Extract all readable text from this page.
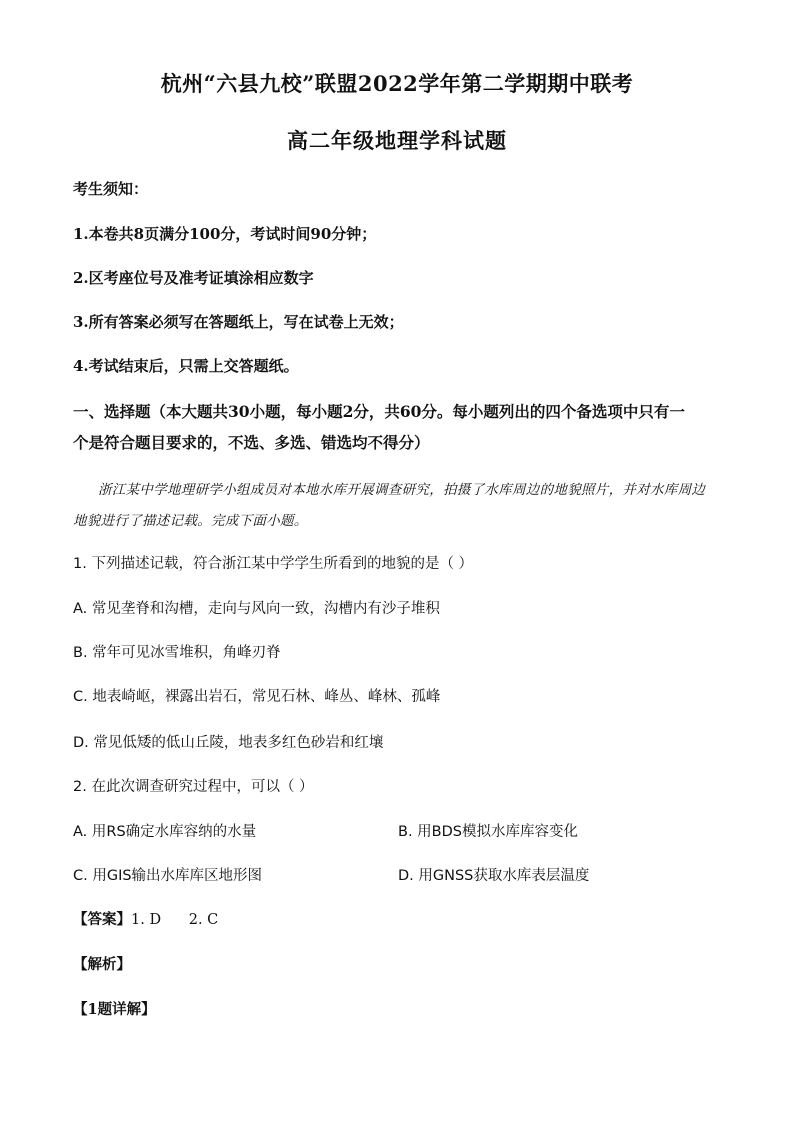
杭州“六县九校”联盟2022学年第二学期期中联考
高二年级地理学科试题
考生须知：
1.本卷共8页满分100分，考试时间90分钟；
2.区考座位号及准考证填涂相应数字
3.所有答案必须写在答题纸上，写在试卷上无效；
4.考试结束后，只需上交答题纸。
一、选择题（本大题共30小题，每小题2分，共60分。每小题列出的四个备选项中只有一
个是符合题目要求的，不选、多选、错选均不得分）
浙江某中学地理研学小组成员对本地水库开展调查研究，拍摄了水库周边的地貌照片，并对水库周边
地貌进行了描述记载。完成下面小题。
1. 下列描述记载，符合浙江某中学学生所看到的地貌的是（ ）
A. 常见垄脊和沟槽，走向与风向一致，沟槽内有沙子堆积
B. 常年可见冰雪堆积，角峰刃脊
C. 地表崎岖，裸露出岩石，常见石林、峰丛、峰林、孤峰
D. 常见低矮的低山丘陵，地表多红色砂岩和红壤
2. 在此次调查研究过程中，可以（ ）
A. 用RS确定水库容纳的水量	B. 用BDS模拟水库库容变化
C. 用GIS输出水库库区地形图	D. 用GNSS获取水库表层温度
【答案】1. D      2. C
【解析】
【1题详解】
